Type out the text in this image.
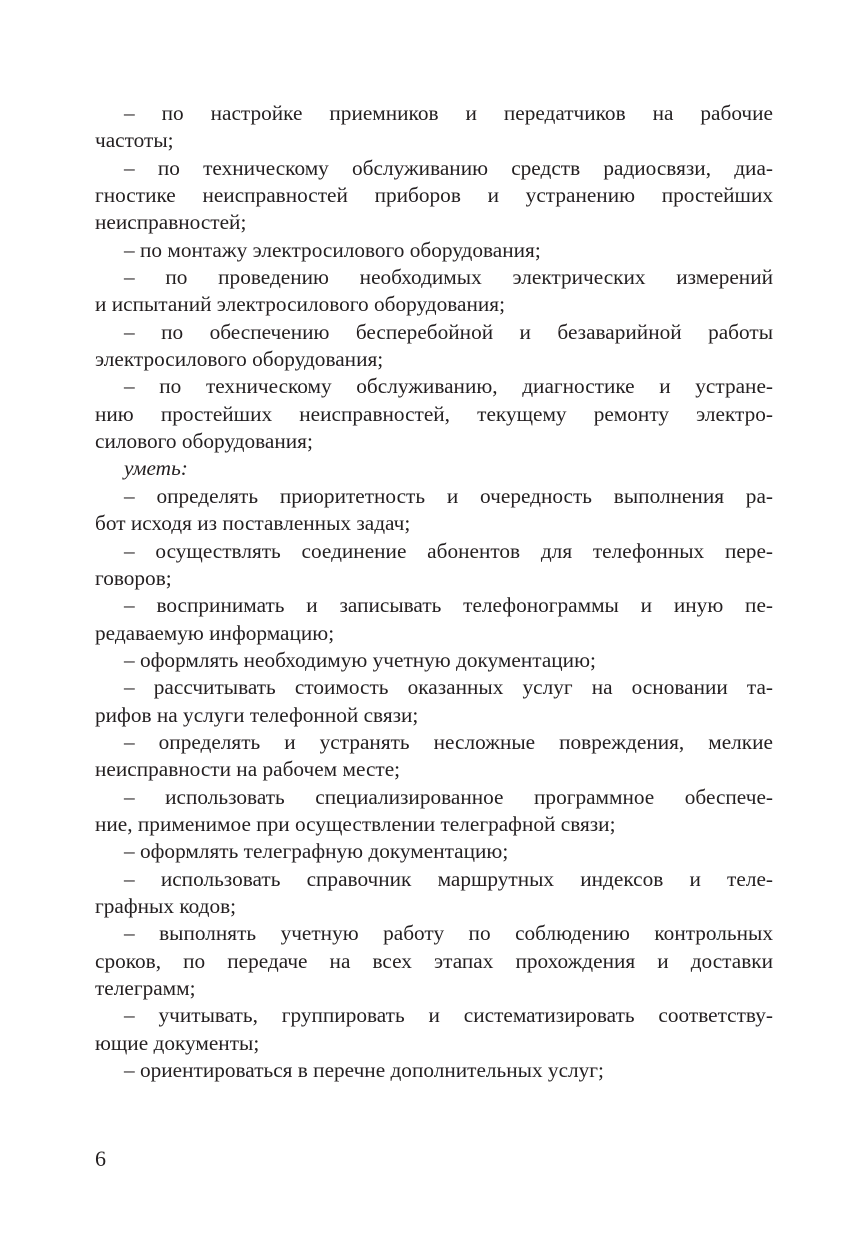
– по настройке приемников и передатчиков на рабочие
частоты;
– по техническому обслуживанию средств радиосвязи, диа-
гностике неисправностей приборов и устранению простейших
неисправностей;
– по монтажу электросилового оборудования;
– по проведению необходимых электрических измерений
и испытаний электросилового оборудования;
– по обеспечению бесперебойной и безаварийной работы
электросилового оборудования;
– по техническому обслуживанию, диагностике и устране-
нию простейших неисправностей, текущему ремонту электро-
силового оборудования;
уметь:
– определять приоритетность и очередность выполнения ра-
бот исходя из поставленных задач;
– осуществлять соединение абонентов для телефонных пере-
говоров;
– воспринимать и записывать телефонограммы и иную пе-
редаваемую информацию;
– оформлять необходимую учетную документацию;
– рассчитывать стоимость оказанных услуг на основании та-
рифов на услуги телефонной связи;
– определять и устранять несложные повреждения, мелкие
неисправности на рабочем месте;
– использовать специализированное программное обеспече-
ние, применимое при осуществлении телеграфной связи;
– оформлять телеграфную документацию;
– использовать справочник маршрутных индексов и теле-
графных кодов;
– выполнять учетную работу по соблюдению контрольных
сроков, по передаче на всех этапах прохождения и доставки
телеграмм;
– учитывать, группировать и систематизировать соответству-
ющие документы;
– ориентироваться в перечне дополнительных услуг;
6
